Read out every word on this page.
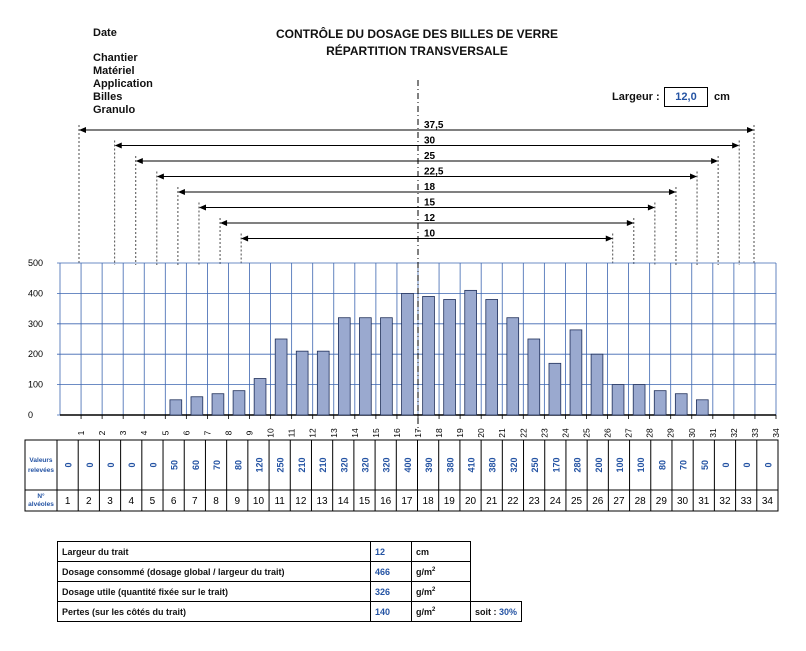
Date
Chantier
Matériel
Application
Billes
Granulo
CONTRÔLE DU DOSAGE DES BILLES DE VERRE
RÉPARTITION TRANSVERSALE
Largeur :	12,0	cm
37,5
30
25
22,5
18
15
12
10
0
100
200
300
400
500
1 2 3 4 5 6 7 8 9 10 11 12 13 14 15 16 17 18 19 20 21 22 23 24 25 26 27 28 29 30 31 32 33 34
Valeurs
relevées
N°
alvéoles
0 0 0 0 0 50 60 70 80 120 250 210 210 320 320 320 400 390 380 410 380 320 250 170 280 200 100 100 80 70 50 0 0 0
1 2 3 4 5 6 7 8 9 10 11 12 13 14 15 16 17 18 19 20 21 22 23 24 25 26 27 28 29 30 31 32 33 34
Largeur du trait	12	cm	
Dosage consommé (dosage global / largeur du trait)	466	$g/m^2$
Dosage utile (quantité fixée sur le trait)	326	$g/m^2$
Pertes (sur les côtés du trait)	140	$g/m^2$	soit : 30%
